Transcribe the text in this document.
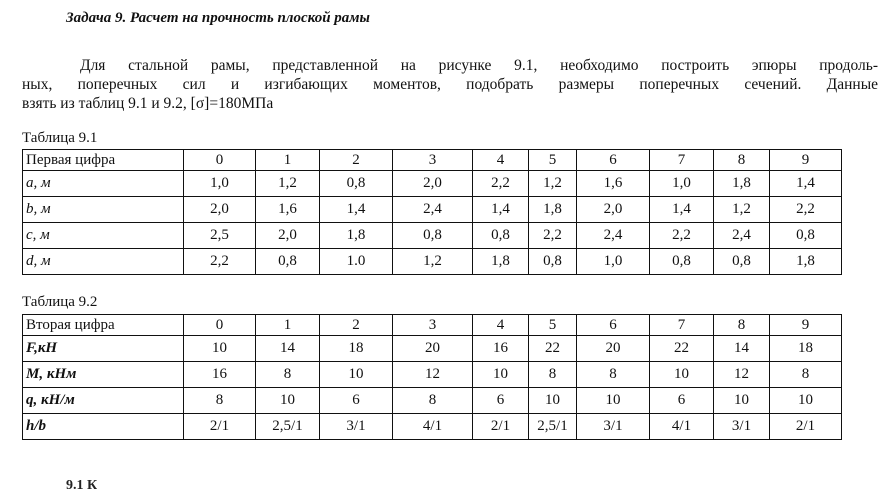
Задача 9. Расчет на прочность плоской рамы
Для стальной рамы, представленной на рисунке 9.1, необходимо построить эпюры продоль-
ных, поперечных сил и изгибающих моментов, подобрать размеры поперечных сечений. Данные
взять из таблиц 9.1 и 9.2, [σ]=180МПа
Таблица 9.1
Первая цифра	0	1	2	3	4	5	6	7	8	9
a, м	1,0	1,2	0,8	2,0	2,2	1,2	1,6	1,0	1,8	1,4
b, м	2,0	1,6	1,4	2,4	1,4	1,8	2,0	1,4	1,2	2,2
c, м	2,5	2,0	1,8	0,8	0,8	2,2	2,4	2,2	2,4	0,8
d, м	2,2	0,8	1.0	1,2	1,8	0,8	1,0	0,8	0,8	1,8
Таблица 9.2
Вторая цифра	0	1	2	3	4	5	6	7	8	9
F,кН	10	14	18	20	16	22	20	22	14	18
M, кНм	16	8	10	12	10	8	8	10	12	8
q, кН/м	8	10	6	8	6	10	10	6	10	10
h/b	2/1	2,5/1	3/1	4/1	2/1	2,5/1	3/1	4/1	3/1	2/1
9.1 К
